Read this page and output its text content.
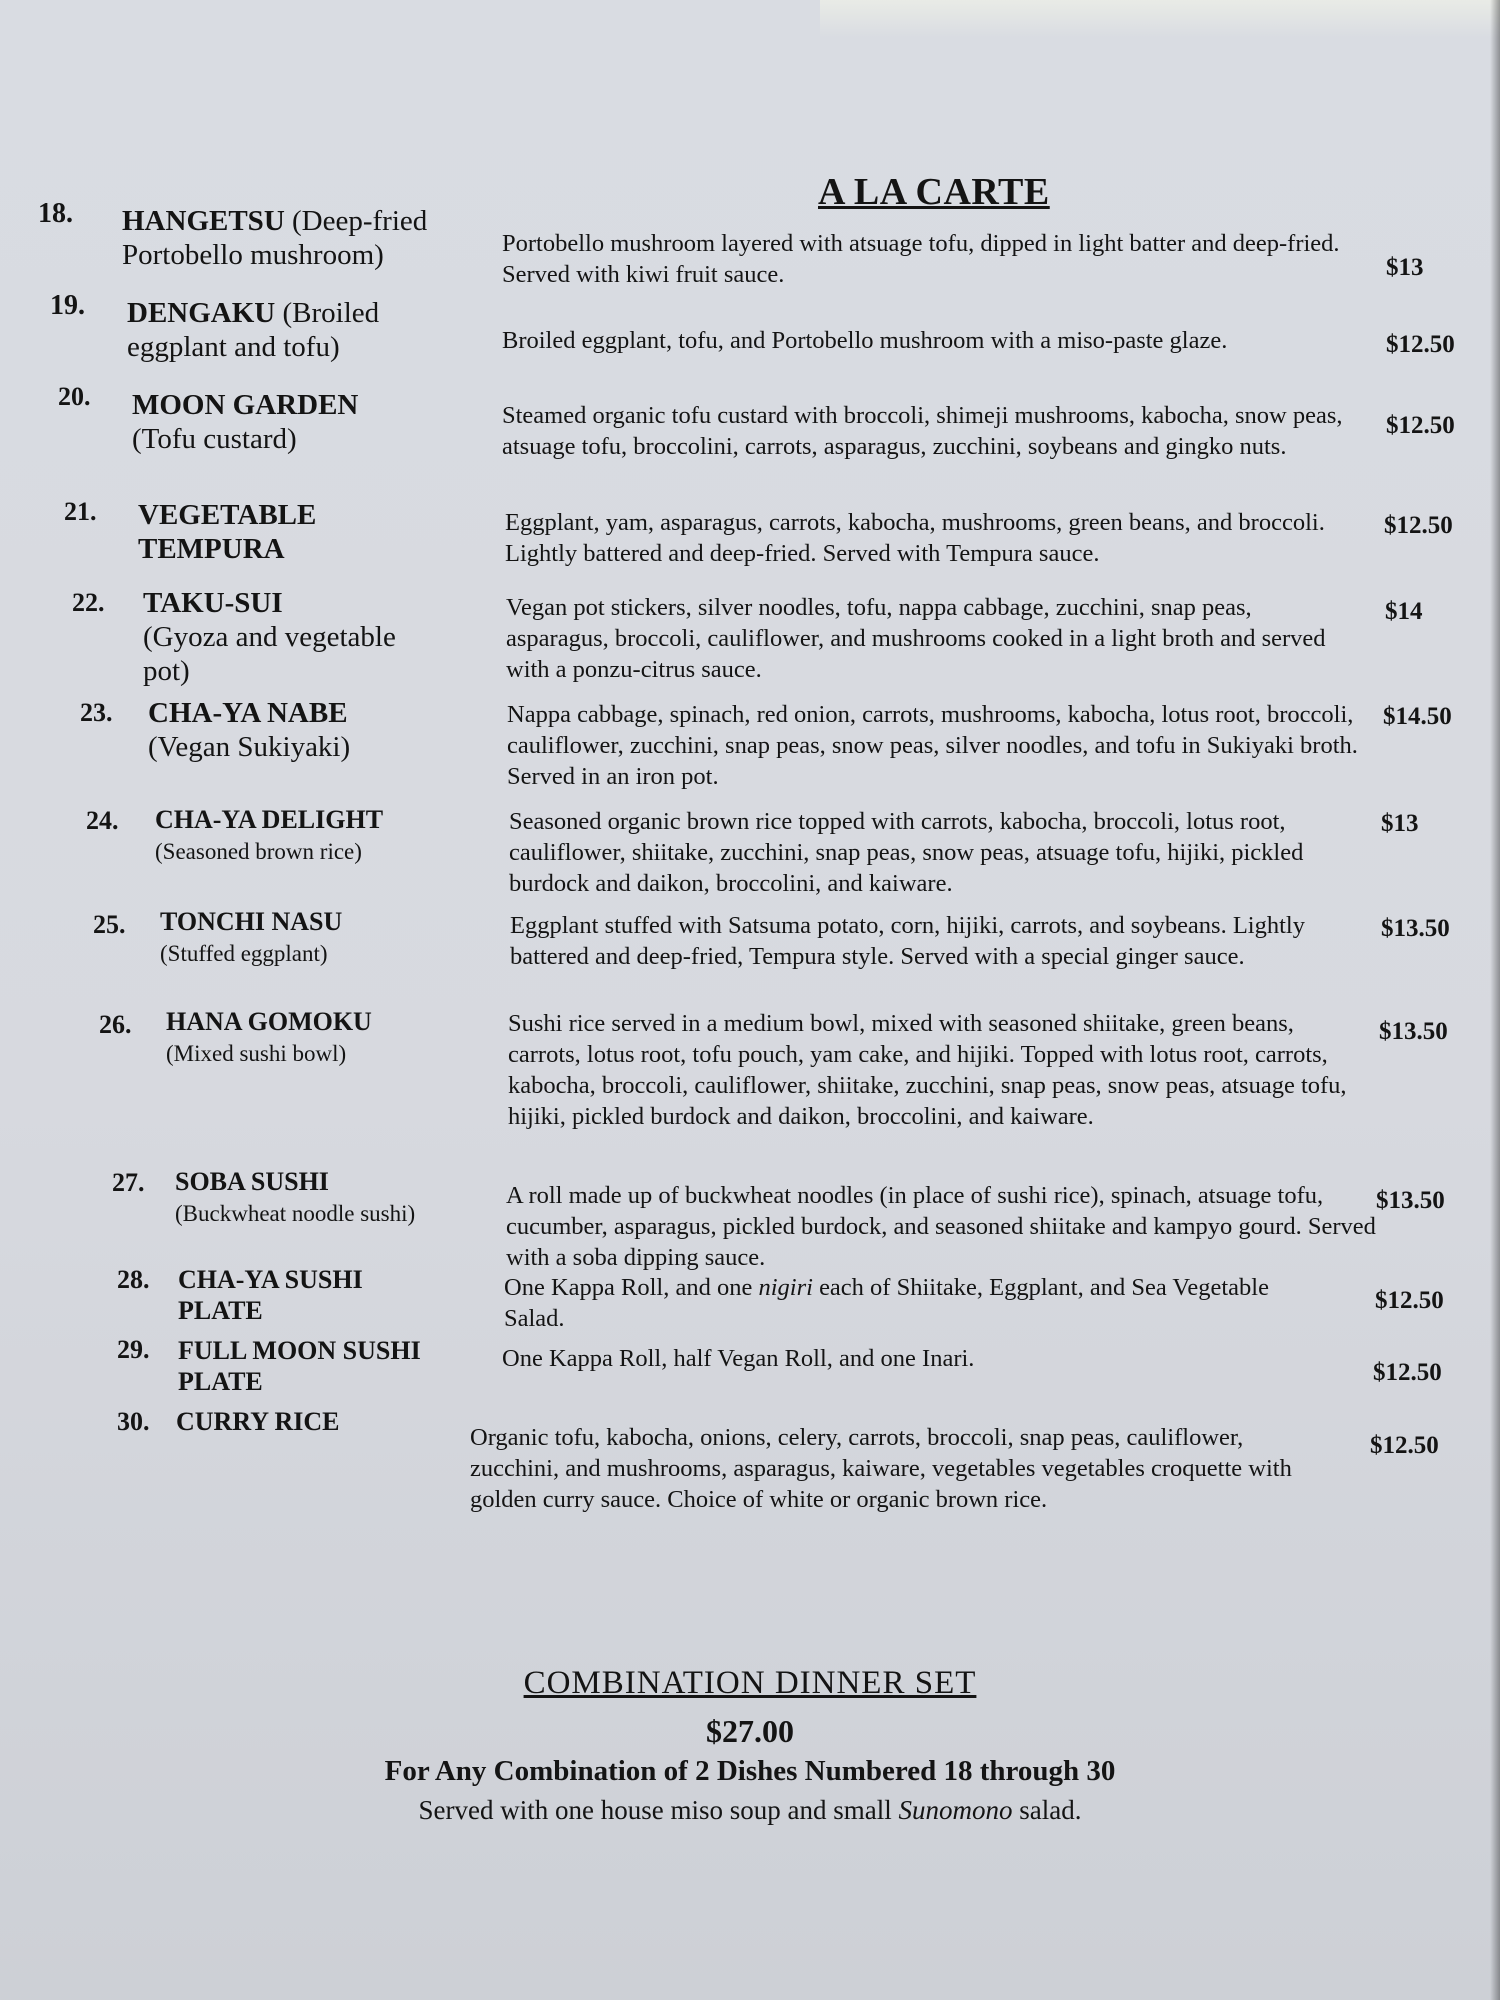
A LA CARTE
18. HANGETSU (Deep-fried Portobello mushroom)	Portobello mushroom layered with atsuage tofu, dipped in light batter and deep-fried. Served with kiwi fruit sauce.	$13
19. DENGAKU (Broiled eggplant and tofu)	Broiled eggplant, tofu, and Portobello mushroom with a miso-paste glaze.	$12.50
20. MOON GARDEN
(Tofu custard)
Steamed organic tofu custard with broccoli, shimeji mushrooms, kabocha, snow peas, atsuage tofu, broccolini, carrots, asparagus, zucchini, soybeans and gingko nuts.
$12.50
21. VEGETABLE TEMPURA
Eggplant, yam, asparagus, carrots, kabocha, mushrooms, green beans, and broccoli. Lightly battered and deep-fried. Served with Tempura sauce.
$12.50
22. TAKU-SUI
(Gyoza and vegetable pot)
Vegan pot stickers, silver noodles, tofu, nappa cabbage, zucchini, snap peas, asparagus, broccoli, cauliflower, and mushrooms cooked in a light broth and served with a ponzu-citrus sauce.
$14
23. CHA-YA NABE
(Vegan Sukiyaki)
Nappa cabbage, spinach, red onion, carrots, mushrooms, kabocha, lotus root, broccoli, cauliflower, zucchini, snap peas, snow peas, silver noodles, and tofu in Sukiyaki broth. Served in an iron pot.
$14.50
24. CHA-YA DELIGHT
(Seasoned brown rice)
Seasoned organic brown rice topped with carrots, kabocha, broccoli, lotus root, cauliflower, shiitake, zucchini, snap peas, snow peas, atsuage tofu, hijiki, pickled burdock and daikon, broccolini, and kaiware.
$13
25. TONCHI NASU
(Stuffed eggplant)
Eggplant stuffed with Satsuma potato, corn, hijiki, carrots, and soybeans. Lightly battered and deep-fried, Tempura style. Served with a special ginger sauce.
$13.50
26. HANA GOMOKU
(Mixed sushi bowl)
Sushi rice served in a medium bowl, mixed with seasoned shiitake, green beans, carrots, lotus root, tofu pouch, yam cake, and hijiki. Topped with lotus root, carrots, kabocha, broccoli, cauliflower, shiitake, zucchini, snap peas, snow peas, atsuage tofu, hijiki, pickled burdock and daikon, broccolini, and kaiware.
$13.50
27. SOBA SUSHI
(Buckwheat noodle sushi)
A roll made up of buckwheat noodles (in place of sushi rice), spinach, atsuage tofu, cucumber, asparagus, pickled burdock, and seasoned shiitake and kampyo gourd. Served with a soba dipping sauce.
$13.50
28. CHA-YA SUSHI PLATE
One Kappa Roll, and one nigiri each of Shiitake, Eggplant, and Sea Vegetable Salad.
$12.50
29. FULL MOON SUSHI PLATE
One Kappa Roll, half Vegan Roll, and one Inari.
$12.50
30. CURRY RICE
Organic tofu, kabocha, onions, celery, carrots, broccoli, snap peas, cauliflower, zucchini, and mushrooms, asparagus, kaiware, vegetables vegetables croquette with golden curry sauce. Choice of white or organic brown rice.
$12.50
COMBINATION DINNER SET
$27.00
For Any Combination of 2 Dishes Numbered 18 through 30
Served with one house miso soup and small Sunomono salad.
